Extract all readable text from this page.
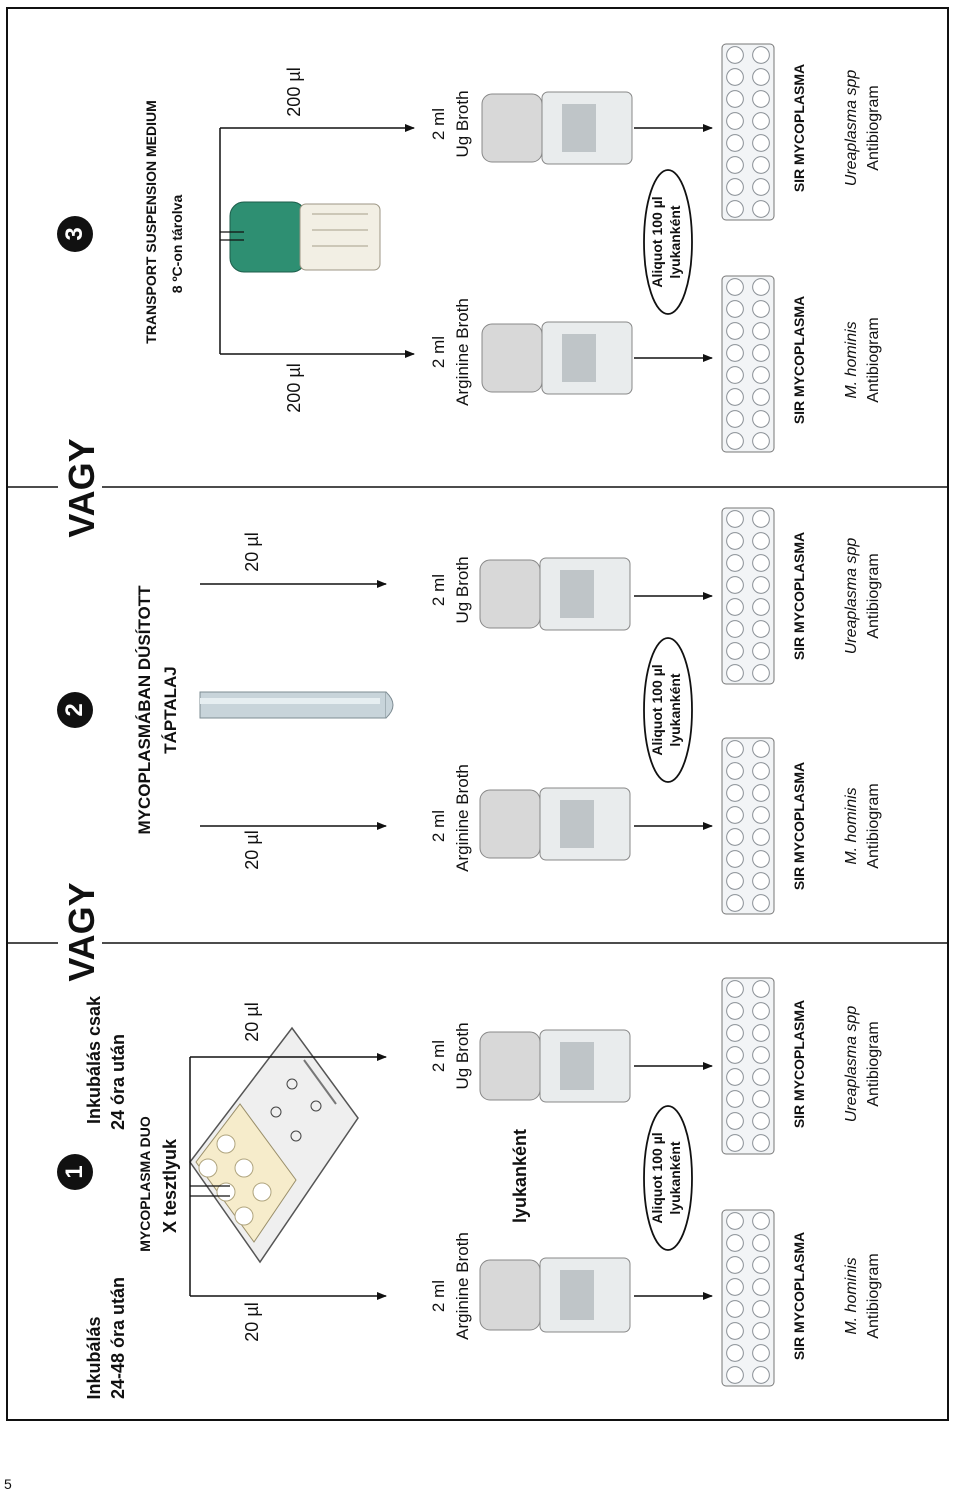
VAGY
VAGY
1
Inkubálás 24-48 óra után
Inkubálás csak 24 óra után
MYCOPLASMA DUO X tesztlyuk
20 µl
20 µl
2 ml Arginine Broth
2 ml Ug Broth
lyukanként	Aliquot 100 µl lyukanként
SIR MYCOPLASMA M. hominis Antibiogram
SIR MYCOPLASMA Ureaplasma spp Antibiogram
2	MYCOPLASMÁBAN DÚSÍTOTT TÁPTALAJ
20 µl
20 µl
2 ml Arginine Broth
2 ml Ug Broth
Aliquot 100 µl lyukanként
SIR MYCOPLASMA M. hominis Antibiogram
SIR MYCOPLASMA Ureaplasma spp Antibiogram
3	TRANSPORT SUSPENSION MEDIUM 8 ºC-on tárolva
200 µl
200 µl
2 ml Arginine Broth
2 ml Ug Broth
Aliquot 100 µl lyukanként
SIR MYCOPLASMA M. hominis Antibiogram
SIR MYCOPLASMA Ureaplasma spp Antibiogram
5
